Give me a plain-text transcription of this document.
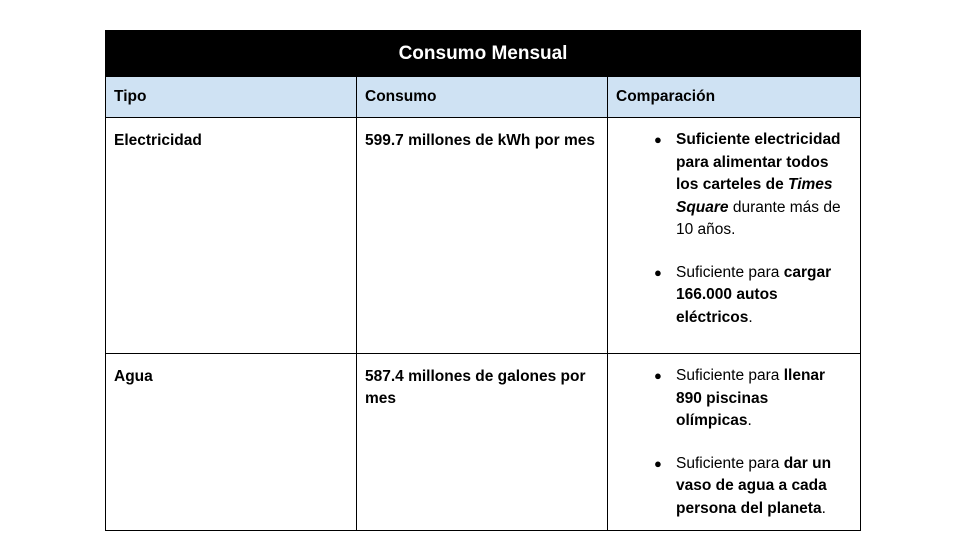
Consumo Mensual		
Tipo	Consumo	Comparación
Electricidad	599.7 millones de kWh por mes	● Suficiente electricidad para alimentar todos los carteles de Times Square durante más de 10 años.
● Suficiente para cargar 166.000 autos eléctricos.

Agua	587.4 millones de galones por mes	● Suficiente para llenar 890 piscinas olímpicas.
● Suficiente para dar un vaso de agua a cada persona del planeta.
